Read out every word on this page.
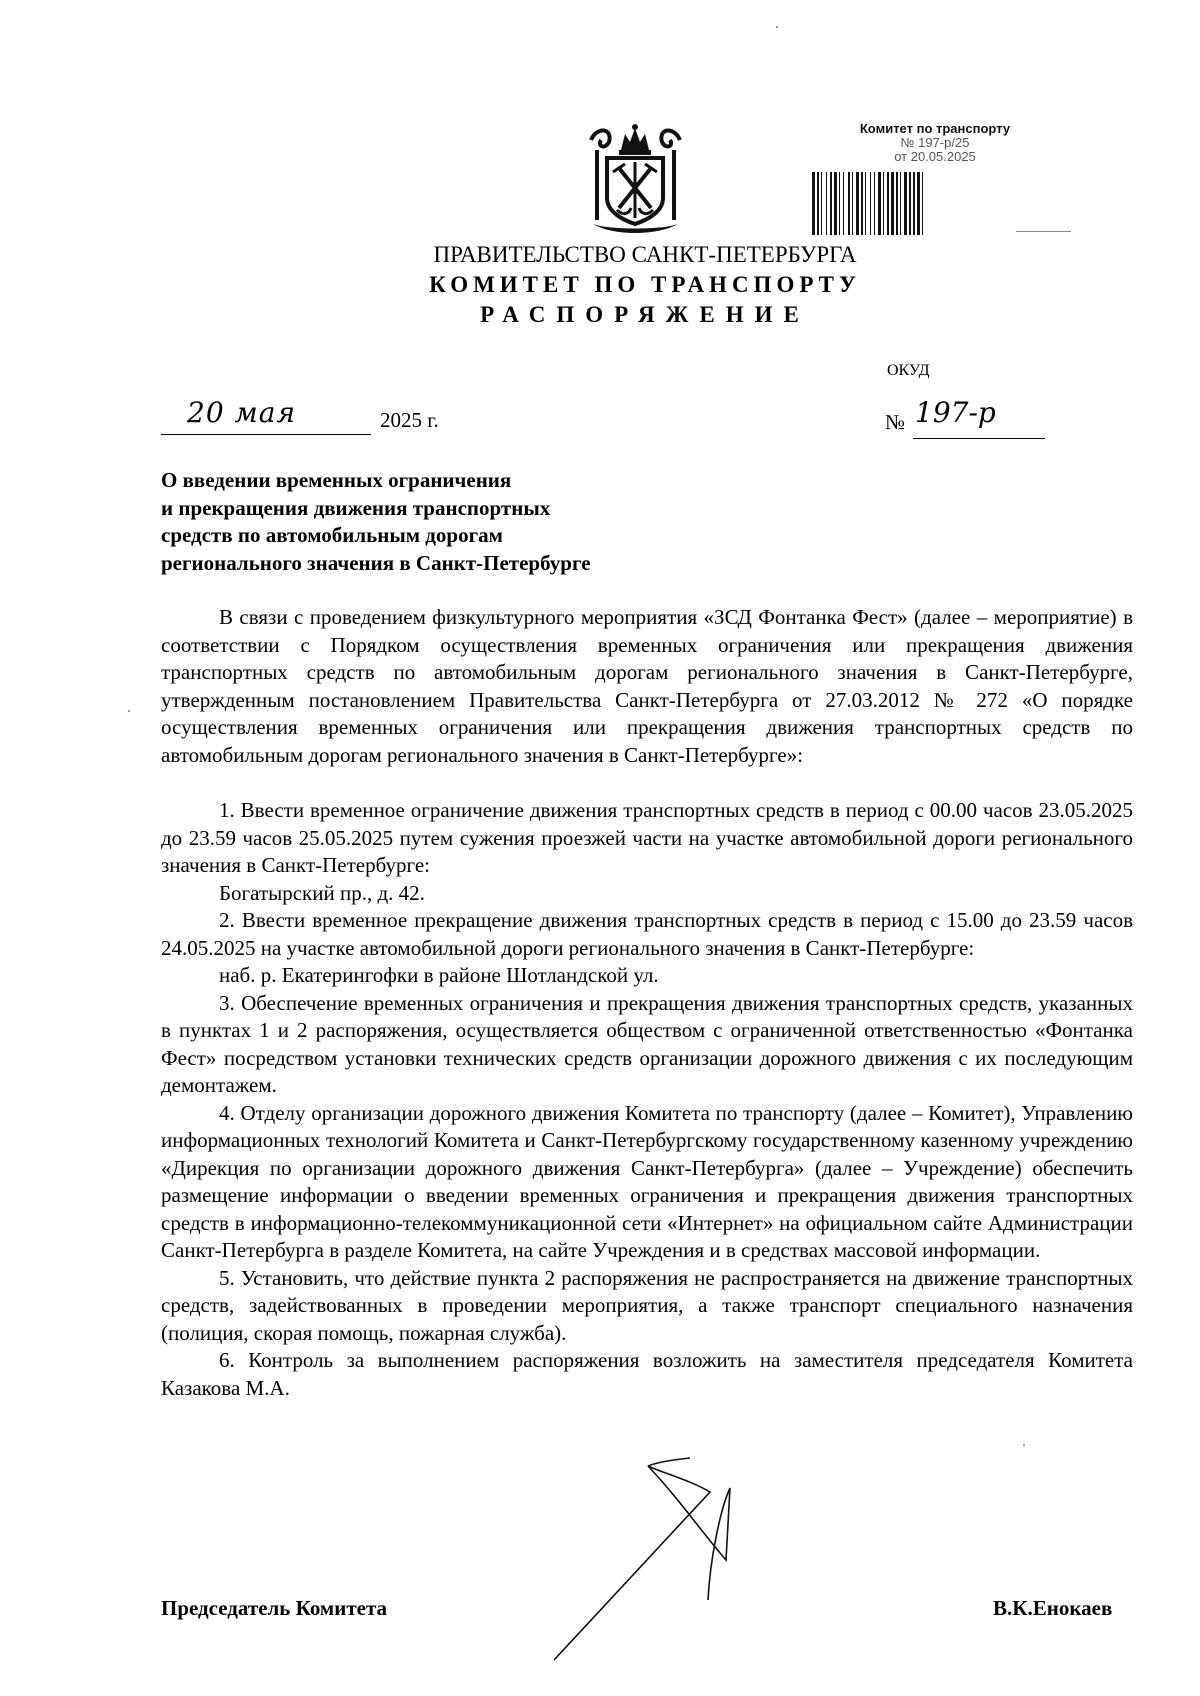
Комитет по транспорту
№ 197-р/25
от 20.05.2025
ПРАВИТЕЛЬСТВО САНКТ-ПЕТЕРБУРГА
КОМИТЕТ ПО ТРАНСПОРТУ
РАСПОРЯЖЕНИЕ
ОКУД
20 мая	2025 г.	№ 197-р
О введении временных ограничения
и прекращения движения транспортных
средств по автомобильным дорогам
регионального значения в Санкт-Петербурге

В связи с проведением физкультурного мероприятия «ЗСД Фонтанка Фест» (далее – мероприятие) в соответствии с Порядком осуществления временных ограничения или прекращения движения транспортных средств по автомобильным дорогам регионального значения в Санкт-Петербурге, утвержденным постановлением Правительства Санкт-Петербурга от 27.03.2012 № 272 «О порядке осуществления временных ограничения или прекращения движения транспортных средств по автомобильным дорогам регионального значения в Санкт-Петербурге»:

1. Ввести временное ограничение движения транспортных средств в период с 00.00 часов 23.05.2025 до 23.59 часов 25.05.2025 путем сужения проезжей части на участке автомобильной дороги регионального значения в Санкт-Петербурге:

Богатырский пр., д. 42.

2. Ввести временное прекращение движения транспортных средств в период с 15.00 до 23.59 часов 24.05.2025 на участке автомобильной дороги регионального значения в Санкт-Петербурге:

наб. р. Екатерингофки в районе Шотландской ул.

3. Обеспечение временных ограничения и прекращения движения транспортных средств, указанных в пунктах 1 и 2 распоряжения, осуществляется обществом с ограниченной ответственностью «Фонтанка Фест» посредством установки технических средств организации дорожного движения с их последующим демонтажем.

4. Отделу организации дорожного движения Комитета по транспорту (далее – Комитет), Управлению информационных технологий Комитета и Санкт-Петербургскому государственному казенному учреждению «Дирекция по организации дорожного движения Санкт-Петербурга» (далее – Учреждение) обеспечить размещение информации о введении временных ограничения и прекращения движения транспортных средств в информационно-телекоммуникационной сети «Интернет» на официальном сайте Администрации Санкт-Петербурга в разделе Комитета, на сайте Учреждения и в средствах массовой информации.

5. Установить, что действие пункта 2 распоряжения не распространяется на движение транспортных средств, задействованных в проведении мероприятия, а также транспорт специального назначения (полиция, скорая помощь, пожарная служба).

6. Контроль за выполнением распоряжения возложить на заместителя председателя Комитета Казакова М.А.

Председатель Комитета	В.К.Енокаев
